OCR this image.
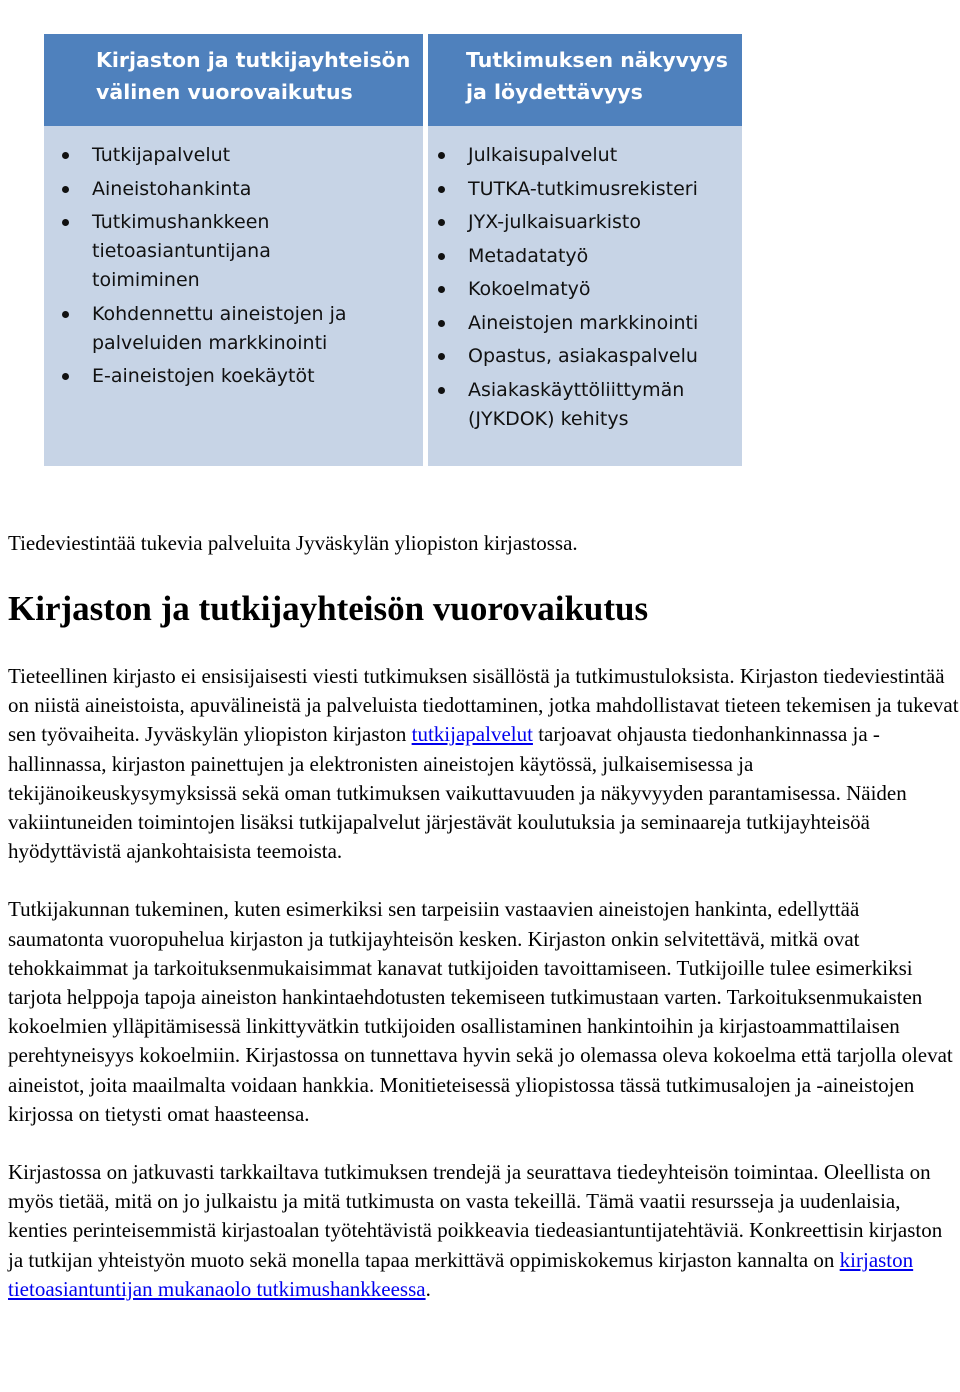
Kirjaston ja tutkijayhteisön välinen vuorovaikutus
Tutkijapalvelut
Aineistohankinta
Tutkimushankkeen tietoasiantuntijana toimiminen
Kohdennettu aineistojen ja palveluiden markkinointi
E-aineistojen koekäytöt
Tutkimuksen näkyvyys ja löydettävyys
Julkaisupalvelut
TUTKA-tutkimusrekisteri
JYX-julkaisuarkisto
Metadatatyö
Kokoelmatyö
Aineistojen markkinointi
Opastus, asiakaspalvelu
Asiakaskäyttöliittymän (JYKDOK) kehitys

Tiedeviestintää tukevia palveluita Jyväskylän yliopiston kirjastossa.

Kirjaston ja tutkijayhteisön vuorovaikutus

Tieteellinen kirjasto ei ensisijaisesti viesti tutkimuksen sisällöstä ja tutkimustuloksista. Kirjaston tiedeviestintää on niistä aineistoista, apuvälineistä ja palveluista tiedottaminen, jotka mahdollistavat tieteen tekemisen ja tukevat sen työvaiheita. Jyväskylän yliopiston kirjaston tutkijapalvelut tarjoavat ohjausta tiedonhankinnassa ja -hallinnassa, kirjaston painettujen ja elektronisten aineistojen käytössä, julkaisemisessa ja tekijänoikeuskysymyksissä sekä oman tutkimuksen vaikuttavuuden ja näkyvyyden parantamisessa. Näiden vakiintuneiden toimintojen lisäksi tutkijapalvelut järjestävät koulutuksia ja seminaareja tutkijayhteisöä hyödyttävistä ajankohtaisista teemoista.

Tutkijakunnan tukeminen, kuten esimerkiksi sen tarpeisiin vastaavien aineistojen hankinta, edellyttää saumatonta vuoropuhelua kirjaston ja tutkijayhteisön kesken. Kirjaston onkin selvitettävä, mitkä ovat tehokkaimmat ja tarkoituksenmukaisimmat kanavat tutkijoiden tavoittamiseen. Tutkijoille tulee esimerkiksi tarjota helppoja tapoja aineiston hankintaehdotusten tekemiseen tutkimustaan varten. Tarkoituksenmukaisten kokoelmien ylläpitämisessä linkittyvätkin tutkijoiden osallistaminen hankintoihin ja kirjastoammattilaisen perehtyneisyys kokoelmiin. Kirjastossa on tunnettava hyvin sekä jo olemassa oleva kokoelma että tarjolla olevat aineistot, joita maailmalta voidaan hankkia. Monitieteisessä yliopistossa tässä tutkimusalojen ja -aineistojen kirjossa on tietysti omat haasteensa.

Kirjastossa on jatkuvasti tarkkailtava tutkimuksen trendejä ja seurattava tiedeyhteisön toimintaa. Oleellista on myös tietää, mitä on jo julkaistu ja mitä tutkimusta on vasta tekeillä. Tämä vaatii resursseja ja uudenlaisia, kenties perinteisemmistä kirjastoalan työtehtävistä poikkeavia tiedeasiantuntijatehtäviä. Konkreettisin kirjaston ja tutkijan yhteistyön muoto sekä monella tapaa merkittävä oppimiskokemus kirjaston kannalta on kirjaston tietoasiantuntijan mukanaolo tutkimushankkeessa.
